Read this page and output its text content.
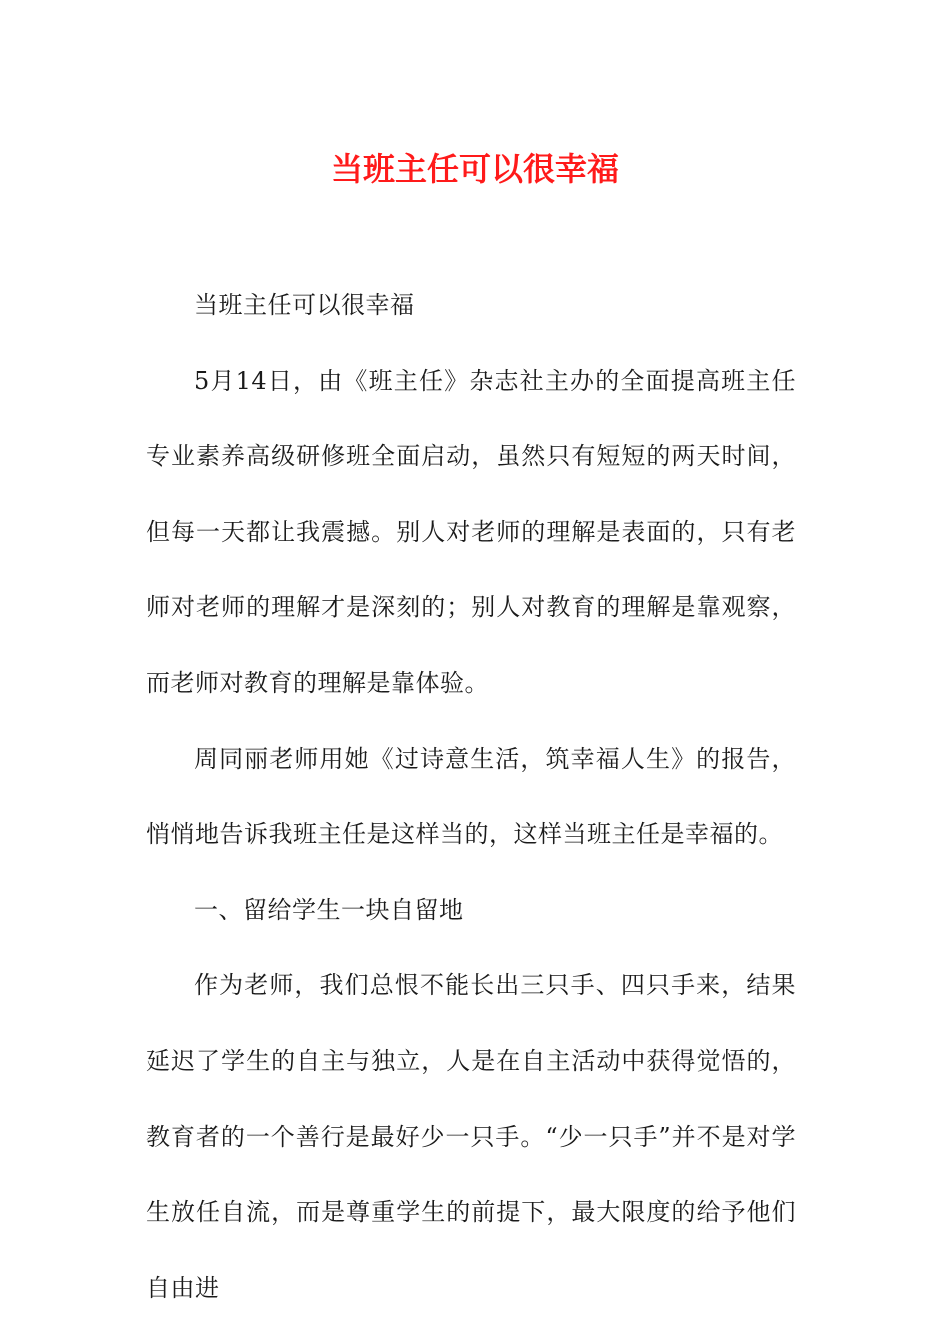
当班主任可以很幸福

当班主任可以很幸福

5月14日，由《班主任》杂志社主办的全面提高班主任专业素养高级研修班全面启动，虽然只有短短的两天时间，但每一天都让我震撼。别人对老师的理解是表面的，只有老师对老师的理解才是深刻的；别人对教育的理解是靠观察，而老师对教育的理解是靠体验。

周同丽老师用她《过诗意生活，筑幸福人生》的报告，悄悄地告诉我班主任是这样当的，这样当班主任是幸福的。

一、留给学生一块自留地

作为老师，我们总恨不能长出三只手、四只手来，结果延迟了学生的自主与独立，人是在自主活动中获得觉悟的，教育者的一个善行是最好少一只手。“少一只手”并不是对学生放任自流，而是尊重学生的前提下，最大限度的给予他们自由进
